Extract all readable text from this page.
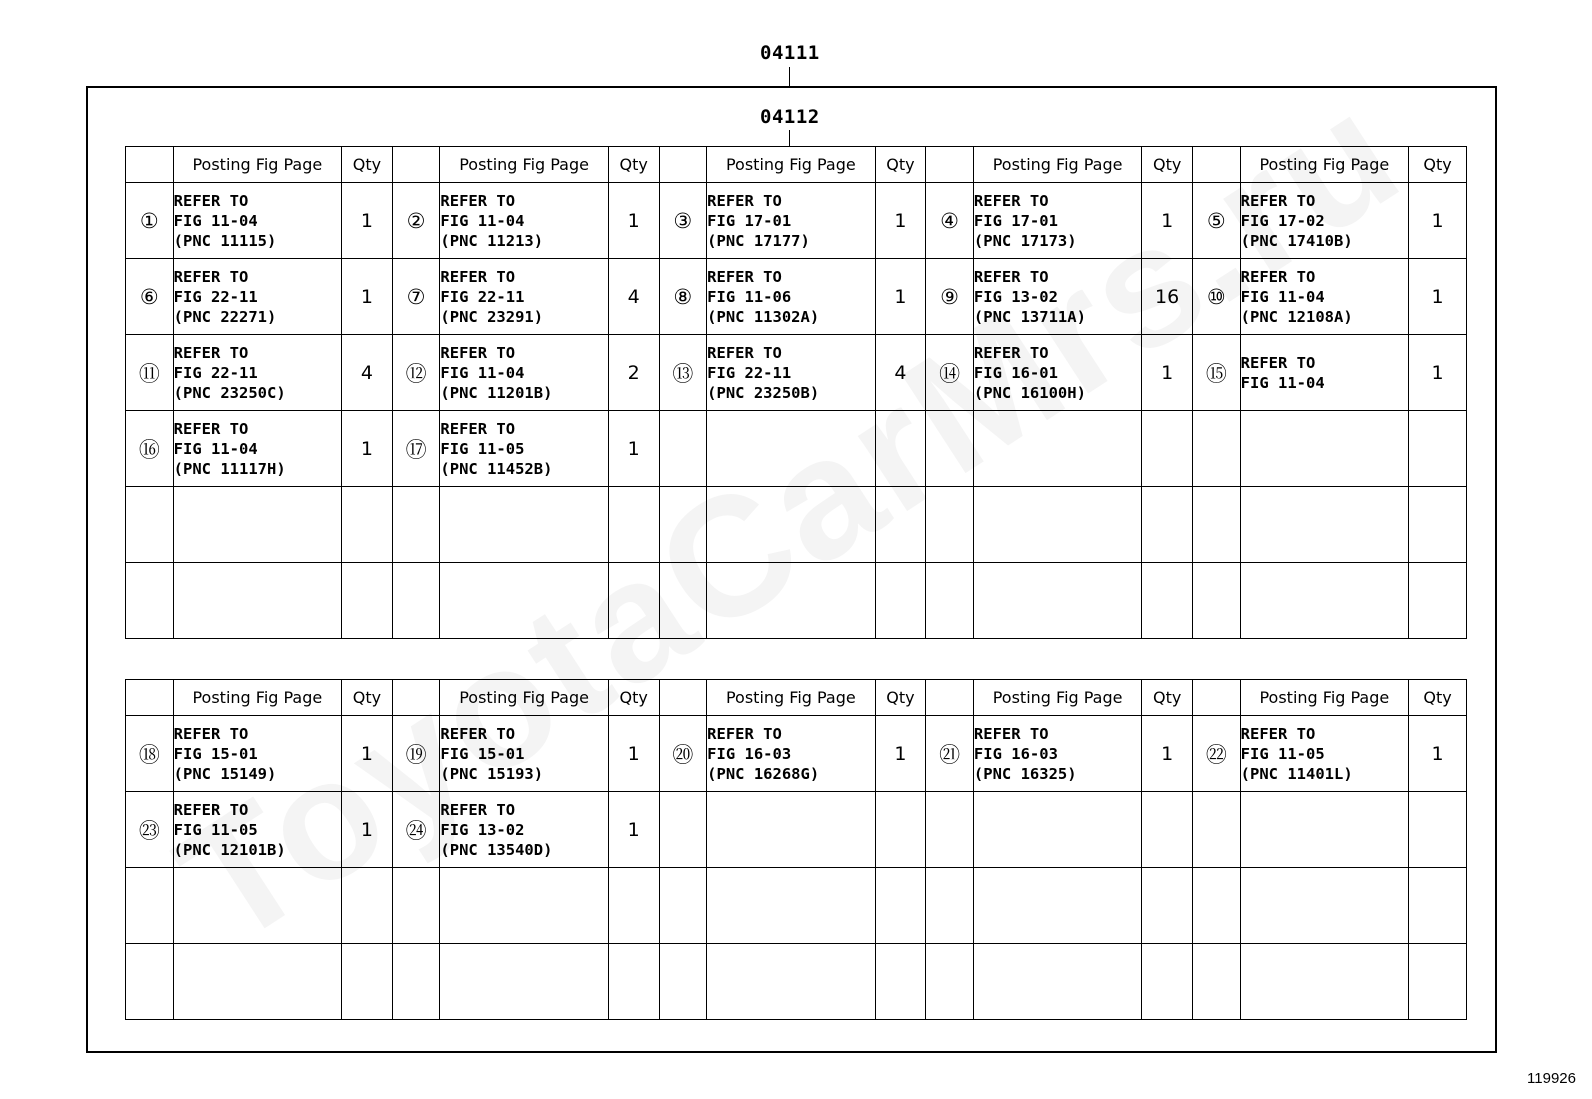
04111
04112
	Posting Fig Page	Qty		Posting Fig Page	Qty		Posting Fig Page	Qty		Posting Fig Page	Qty		Posting Fig Page	Qty
①	REFER TO
FIG 11-04
(PNC 11115)	1	②	REFER TO
FIG 11-04
(PNC 11213)	1	③	REFER TO
FIG 17-01
(PNC 17177)	1	④	REFER TO
FIG 17-01
(PNC 17173)	1	⑤	REFER TO
FIG 17-02
(PNC 17410B)	1
⑥	REFER TO
FIG 22-11
(PNC 22271)	1	⑦	REFER TO
FIG 22-11
(PNC 23291)	4	⑧	REFER TO
FIG 11-06
(PNC 11302A)	1	⑨	REFER TO
FIG 13-02
(PNC 13711A)	16	⑩	REFER TO
FIG 11-04
(PNC 12108A)	1
⑪	REFER TO
FIG 22-11
(PNC 23250C)	4	⑫	REFER TO
FIG 11-04
(PNC 11201B)	2	⑬	REFER TO
FIG 22-11
(PNC 23250B)	4	⑭	REFER TO
FIG 16-01
(PNC 16100H)	1	⑮	REFER TO
FIG 11-04	1
⑯	REFER TO
FIG 11-04
(PNC 11117H)	1	⑰	REFER TO
FIG 11-05
(PNC 11452B)	1									

	Posting Fig Page	Qty		Posting Fig Page	Qty		Posting Fig Page	Qty		Posting Fig Page	Qty		Posting Fig Page	Qty
⑱	REFER TO
FIG 15-01
(PNC 15149)	1	⑲	REFER TO
FIG 15-01
(PNC 15193)	1	⑳	REFER TO
FIG 16-03
(PNC 16268G)	1	㉑	REFER TO
FIG 16-03
(PNC 16325)	1	㉒	REFER TO
FIG 11-05
(PNC 11401L)	1
㉓	REFER TO
FIG 11-05
(PNC 12101B)	1	㉔	REFER TO
FIG 13-02
(PNC 13540D)	1									

119926
